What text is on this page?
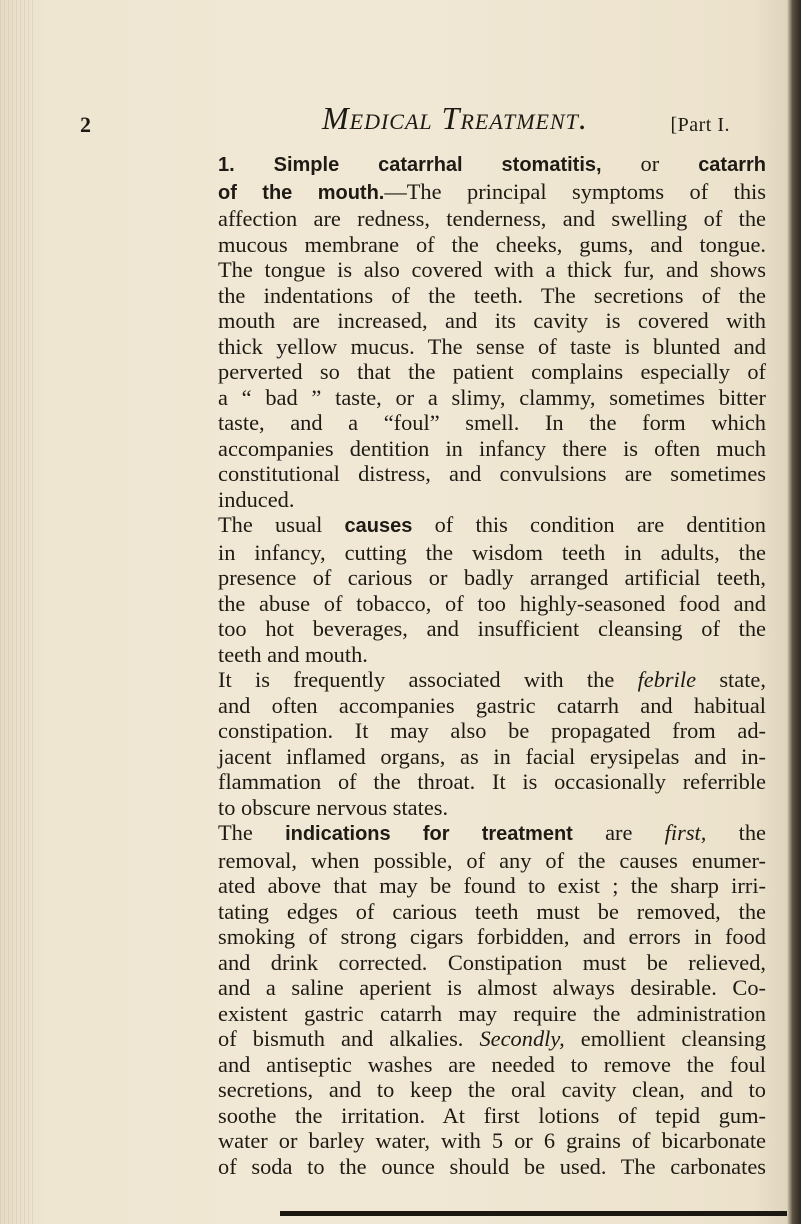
2	Medical Treatment.	[Part I.
1. Simple catarrhal stomatitis, or catarrh
of the mouth.—The principal symptoms of this
affection are redness, tenderness, and swelling of the
mucous membrane of the cheeks, gums, and tongue.
The tongue is also covered with a thick fur, and shows
the indentations of the teeth. The secretions of the
mouth are increased, and its cavity is covered with
thick yellow mucus. The sense of taste is blunted and
perverted so that the patient complains especially of
a “ bad ” taste, or a slimy, clammy, sometimes bitter
taste, and a “foul” smell. In the form which
accompanies dentition in infancy there is often much
constitutional distress, and convulsions are sometimes
induced.
The usual causes of this condition are dentition
in infancy, cutting the wisdom teeth in adults, the
presence of carious or badly arranged artificial teeth,
the abuse of tobacco, of too highly-seasoned food and
too hot beverages, and insufficient cleansing of the
teeth and mouth.
It is frequently associated with the febrile state,
and often accompanies gastric catarrh and habitual
constipation. It may also be propagated from ad-
jacent inflamed organs, as in facial erysipelas and in-
flammation of the throat. It is occasionally referrible
to obscure nervous states.
The indications for treatment are first, the
removal, when possible, of any of the causes enumer-
ated above that may be found to exist ; the sharp irri-
tating edges of carious teeth must be removed, the
smoking of strong cigars forbidden, and errors in food
and drink corrected. Constipation must be relieved,
and a saline aperient is almost always desirable. Co-
existent gastric catarrh may require the administration
of bismuth and alkalies. Secondly, emollient cleansing
and antiseptic washes are needed to remove the foul
secretions, and to keep the oral cavity clean, and to
soothe the irritation. At first lotions of tepid gum-
water or barley water, with 5 or 6 grains of bicarbonate
of soda to the ounce should be used. The carbonates
